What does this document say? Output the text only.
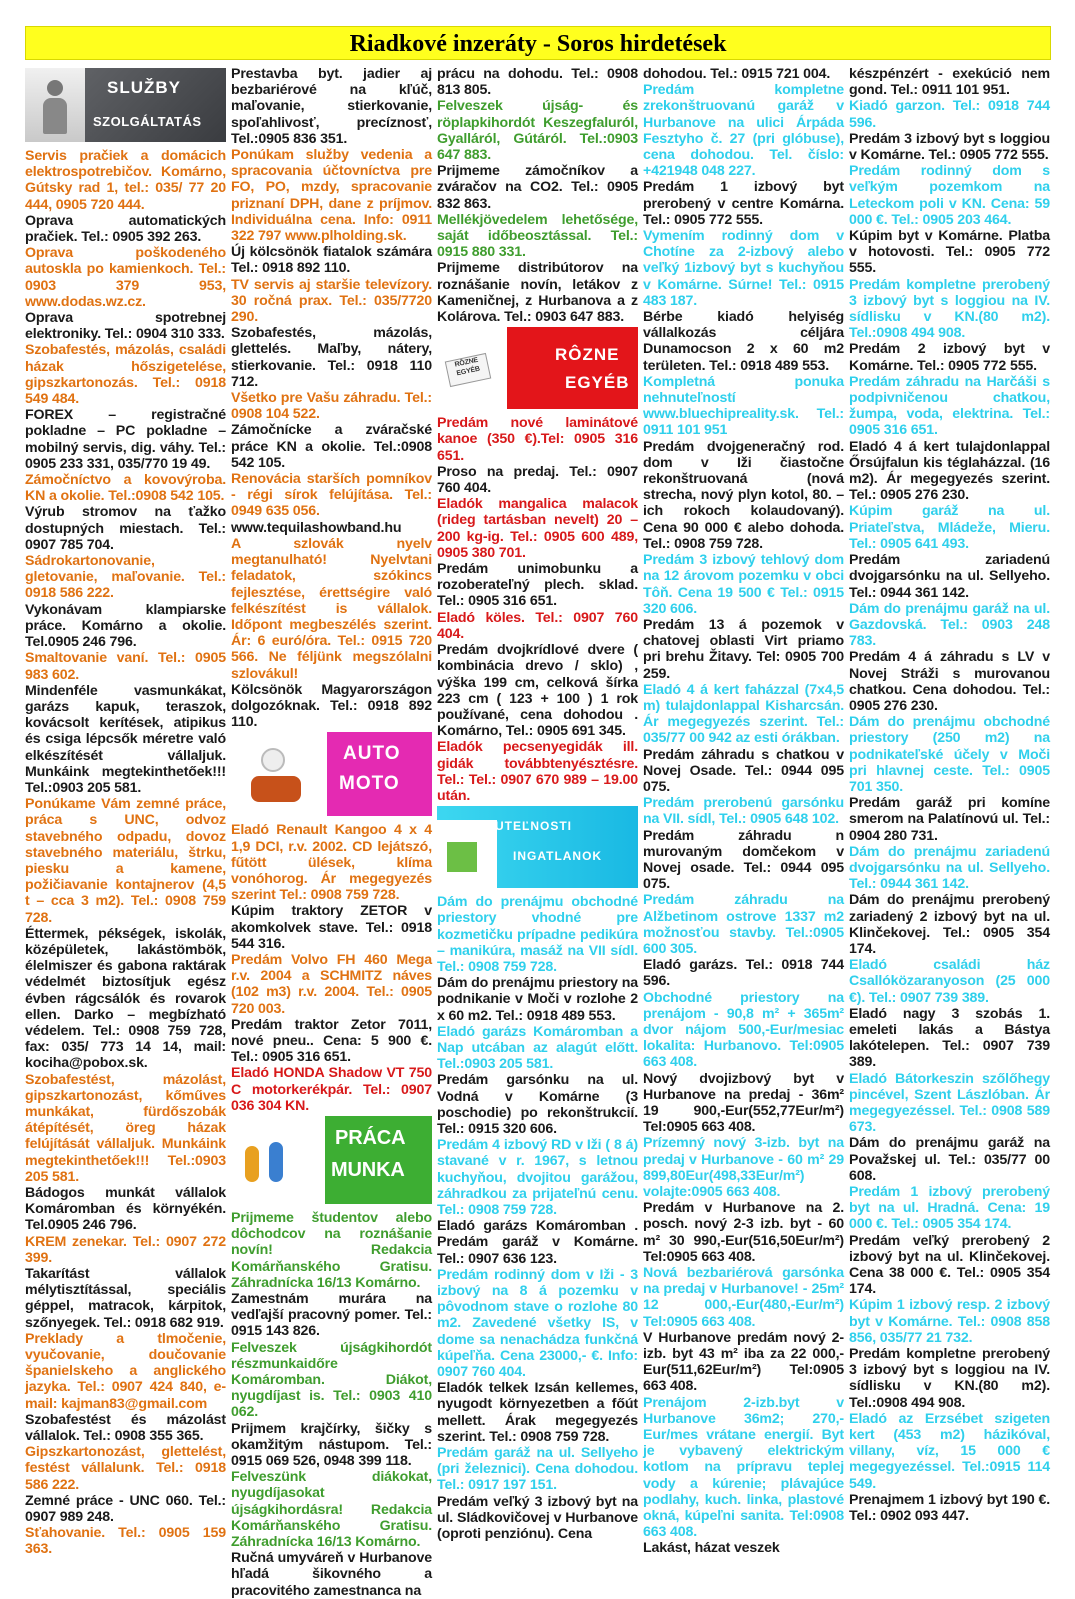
Riadkové inzeráty - Soros hirdetések
SLUŽBY
SZOLGÁLTATÁS

Servis pračiek a domácich elektrospotrebičov. Komárno, Gútsky rad 1, tel.: 035/ 77 20 444, 0905 720 444.

Oprava automatických pračiek. Tel.: 0905 392 263.

Oprava poškodeného autoskla po kamienkoch. Tel.: 0903 379 953, www.dodas.wz.cz.

Oprava spotrebnej elektroniky. Tel.: 0904 310 333.

Szobafestés, mázolás, családi házak hőszigetelése, gipszkartonozás. Tel.: 0918 549 484.

FOREX – registračné pokladne – PC pokladne – mobilný servis, dig. váhy. Tel.: 0905 233 331, 035/770 19 49.

Zámočníctvo a kovovýroba. KN a okolie. Tel.:0908 542 105.

Výrub stromov na ťažko dostupných miestach. Tel.: 0907 785 704.

Sádrokartonovanie, gletovanie, maľovanie. Tel.: 0918 586 222.

Vykonávam klampiarske práce. Komárno a okolie. Tel.0905 246 796.

Smaltovanie vaní. Tel.: 0905 983 602.

Mindenféle vasmunkákat, garázs kapuk, teraszok, kovácsolt kerítések, atipikus és csiga lépcsők méretre való elkészítését vállaljuk. Munkáink megtekinthetőek!!! Tel.:0903 205 581.

Ponúkame Vám zemné práce, práca s UNC, odvoz stavebného odpadu, dovoz stavebného materiálu, štrku, piesku a kamene, požičiavanie kontajnerov (4,5 t – cca 3 m2). Tel.: 0908 759 728.

Éttermek, pékségek, iskolák, középületek, lakástömbök, élelmiszer és gabona raktárak védelmét biztosítjuk egész évben rágcsálók és rovarok ellen. Darko – megbízható védelem. Tel.: 0908 759 728, fax: 035/ 773 14 14, mail: kociha@pobox.sk.

Szobafestést, mázolást, gipszkartonozást, kőműves munkákat, fürdőszobák átépítését, öreg házak felújítását vállaljuk. Munkáink megtekinthetőek!!! Tel.:0903 205 581.

Bádogos munkát vállalok Komáromban és környékén. Tel.0905 246 796.

KREM zenekar. Tel.: 0907 272 399.

Takarítást vállalok mélytisztítással, speciális géppel, matracok, kárpitok, szőnyegek. Tel.: 0918 682 919.

Preklady a tlmočenie, vyučovanie, doučovanie španielskeho a anglického jazyka. Tel.: 0907 424 840, e-mail: kajman83@gmail.com

Szobafestést és mázolást vállalok. Tel.: 0908 355 365.

Gipszkartonozást, glettelést, festést vállalunk. Tel.: 0918 586 222.

Zemné práce - UNC 060. Tel.: 0907 989 248.

Sťahovanie. Tel.: 0905 159 363.

Prestavba byt. jadier aj bezbariérové na kľúč, maľovanie, stierkovanie, spoľahlivosť, precíznosť, Tel.:0905 836 351.

Ponúkam služby vedenia a spracovania účtovníctva pre FO, PO, mzdy, spracovanie priznaní DPH, dane z príjmov. Individuálna cena. Info: 0911 322 797 www.plholding.sk.

Új kölcsönök fiatalok számára Tel.: 0918 892 110.

TV servis aj staršie televízory. 30 ročná prax. Tel.: 035/7720 290.

Szobafestés, mázolás, glettelés. Maľby, nátery, stierkovanie. Tel.: 0918 110 712.

Všetko pre Vašu záhradu. Tel.: 0908 104 522.

Zámočnícke a zváračské práce KN a okolie. Tel.:0908 542 105.

Renovácia starších pomníkov - régi sírok felújítása. Tel.: 0949 635 056.

www.tequilashowband.hu

A szlovák nyelv megtanulható! Nyelvtani feladatok, szókincs fejlesztése, érettségire való felkészítést is vállalok. Időpont megbeszélés szerint. Ár: 6 euró/óra. Tel.: 0915 720 566. Ne féljünk megszólalni szlovákul!

Kölcsönök Magyarországon dolgozóknak. Tel.: 0918 892 110.

AUTO
MOTO

Eladó Renault Kangoo 4 x 4 1,9 DCI, r.v. 2002. CD lejátszó, fűtött ülések, klíma vonóhorog. Ár megegyezés szerint Tel.: 0908 759 728.

Kúpim traktory ZETOR v akomkolvek stave. Tel.: 0918 544 316.

Predám Volvo FH 460 Mega r.v. 2004 a SCHMITZ náves (102 m3) r.v. 2004. Tel.: 0905 720 003.

Predám traktor Zetor 7011, nové pneu.. Cena: 5 900 €. Tel.: 0905 316 651.

Eladó HONDA Shadow VT 750 C motorkerékpár. Tel.: 0907 036 304 KN.

PRÁCA
MUNKA

Prijmeme študentov alebo dôchodcov na roznášanie novín! Redakcia Komárňanského Gratisu. Záhradnícka 16/13 Komárno.

Zamestnám murára na vedľajší pracovný pomer. Tel.: 0915 143 826.

Felveszek újságkihordót részmunkaidőre Komáromban. Diákot, nyugdíjast is. Tel.: 0903 410 062.

Prijmem krajčírky, šičky s okamžitým nástupom. Tel.: 0915 069 526, 0948 399 118.

Felveszünk diákokat, nyugdíjasokat újságkihordásra! Redakcia Komárňanského Gratisu. Záhradnícka 16/13 Komárno.

Ručná umyváreň v Hurbanove hľadá šikovného a pracovitého zamestnanca na

prácu na dohodu. Tel.: 0908 813 805.

Felveszek újság- és röplapkihordót Keszegfaluról, Gyalláról, Gútáról. Tel.:0903 647 883.

Prijmeme zámočníkov a zváračov na CO2. Tel.: 0905 832 863.

Mellékjövedelem lehetősége, saját időbeosztással. Tel.: 0915 880 331.

Prijmeme distribútorov na roznášanie novín, letákov z Kameničnej, z Hurbanova a z Kolárova. Tel.: 0903 647 883.

RÔZNE EGYÉB
RÔZNE
EGYÉB

Predám nové laminátové kanoe (350 €).Tel: 0905 316 651.

Proso na predaj. Tel.: 0907 760 404.

Eladók mangalica malacok (rideg tartásban nevelt) 20 – 200 kg-ig. Tel.: 0905 600 489, 0905 380 701.

Predám unimobunku a rozoberateľný plech. sklad. Tel.: 0905 316 651.

Eladó köles. Tel.: 0907 760 404.

Predám dvojkrídlové dvere ( kombinácia drevo / sklo) , výška 199 cm, celková šírka 223 cm ( 123 + 100 ) 1 rok používané, cena dohodou . Komárno, Tel.: 0905 691 345.

Eladók pecsenyegidák ill. gidák továbbtenyésztésre. Tel.: Tel.: 0907 670 989 – 19.00 után.

NEHNUTEĽNOSTI
INGATLANOK

Dám do prenájmu obchodné priestory vhodné pre kozmetičku prípadne pedikúra – manikúra, masáž na VII sídl. Tel.: 0908 759 728.

Dám do prenájmu priestory na podnikanie v Moči v rozlohe 2 x 60 m2. Tel.: 0918 489 553.

Eladó garázs Komáromban a Nap utcában az alagút előtt. Tel.:0903 205 581.

Predám garsónku na ul. Vodná v Komárne (3 poschodie) po rekonštrukcií. Tel.: 0915 320 606.

Predám 4 izbový RD v Iži ( 8 á) stavané v r. 1967, s letnou kuchyňou, dvojitou garážou, záhradkou za prijateľnú cenu. Tel.: 0908 759 728.

Eladó garázs Komáromban . Predám garáž v Komárne. Tel.: 0907 636 123.

Predám rodinný dom v Iži - 3 izbový na 8 á pozemku v pôvodnom stave o rozlohe 80 m2. Zavedené všetky IS, v dome sa nenachádza funkčná kúpeľňa. Cena 23000,- €. Info: 0907 760 404.

Eladók telkek Izsán kellemes, nyugodt környezetben a főút mellett. Árak megegyezés szerint. Tel.: 0908 759 728.

Predám garáž na ul. Sellyeho (pri železnici). Cena dohodou. Tel.: 0917 197 151.

Predám veľký 3 izbový byt na ul. Sládkovičovej v Hurbanove (oproti penziónu). Cena

dohodou. Tel.: 0915 721 004.

Predám kompletne zrekonštruovanú garáž v Hurbanove na ulici Árpáda Fesztyho č. 27 (pri glóbuse), cena dohodou. Tel. číslo: +421948 048 227.

Predám 1 izbový byt prerobený v centre Komárna. Tel.: 0905 772 555.

Vymením rodinný dom v Chotíne za 2-izbový alebo veľký 1izbový byt s kuchyňou v Komárne. Súrne! Tel.: 0915 483 187.

Bérbe kiadó helyiség vállalkozás céljára Dunamocson 2 x 60 m2 területen. Tel.: 0918 489 553.

Kompletná ponuka nehnuteľností www.bluechipreality.sk. Tel.: 0911 101 951

Predám dvojgeneračný rod. dom v Iži čiastočne rekonštruovaná (nová strecha, nový plyn kotol, 80. –ich rokoch kolaudovaný). Cena 90 000 € alebo dohoda. Tel.: 0908 759 728.

Predám 3 izbový tehlový dom na 12 árovom pozemku v obci Tôň. Cena 19 500 € Tel.: 0915 320 606.

Predám 13 á pozemok v chatovej oblasti Virt priamo pri brehu Žitavy. Tel: 0905 700 259.

Eladó 4 á kert faházzal (7x4,5 m) tulajdonlappal Kisharcsán. Ár megegyezés szerint. Tel.: 035/77 00 942 az esti órákban.

Predám záhradu s chatkou v Novej Osade. Tel.: 0944 095 075.

Predám prerobenú garsónku na VII. sídl, Tel.: 0905 648 102.

Predám záhradu n murovaným domčekom v Novej osade. Tel.: 0944 095 075.

Predám záhradu na Alžbetinom ostrove 1337 m2 možnosťou stavby. Tel.:0905 600 305.

Eladó garázs. Tel.: 0918 744 596.

Obchodné priestory na prenájom - 90,8 m² + 365m² dvor nájom 500,-Eur/mesiac lokalita: Hurbanovo. Tel:0905 663 408.

Nový dvojizbový byt v Hurbanove na predaj - 36m² 19 900,-Eur(552,77Eur/m²) Tel:0905 663 408.

Prízemný nový 3-izb. byt na predaj v Hurbanove - 60 m² 29 899,80Eur(498,33Eur/m²) volajte:0905 663 408.

Predám v Hurbanove na 2. posch. nový 2-3 izb. byt - 60 m² 30 990,-Eur(516,50Eur/m²) Tel:0905 663 408.

Nová bezbariérová garsónka na predaj v Hurbanove! - 25m² 12 000,-Eur(480,-Eur/m²) Tel:0905 663 408.

V Hurbanove predám nový 2-izb. byt 43 m² iba za 22 000,-Eur(511,62Eur/m²) Tel:0905 663 408.

Prenájom 2-izb.byt v Hurbanove 36m2; 270,-Eur/mes vrátane energií. Byt je vybavený elektrickým kotlom na prípravu teplej vody a kúrenie; plávajúce podlahy, kuch. linka, plastové okná, kúpeľni sanita. Tel:0908 663 408.

Lakást, házat veszek

készpénzért - exekúció nem gond. Tel.: 0911 101 951.

Kiadó garzon. Tel.: 0918 744 596.

Predám 3 izbový byt s loggiou v Komárne. Tel.: 0905 772 555.

Predám rodinný dom s veľkým pozemkom na Leteckom poli v KN. Cena: 59 000 €. Tel.: 0905 203 464.

Kúpim byt v Komárne. Platba v hotovosti. Tel.: 0905 772 555.

Predám kompletne prerobený 3 izbový byt s loggiou na IV. sídlisku v KN.(80 m2). Tel.:0908 494 908.

Predám 2 izbový byt v Komárne. Tel.: 0905 772 555.

Predám záhradu na Harčáši s podpivničenou chatkou, žumpa, voda, elektrina. Tel.: 0905 316 651.

Eladó 4 á kert tulajdonlappal Őrsújfalun kis téglaházzal. (16 m2). Ár megegyezés szerint. Tel.: 0905 276 230.

Kúpim garáž na ul. Priateľstva, Mládeže, Mieru. Tel.: 0905 641 493.

Predám zariadenú dvojgarsónku na ul. Sellyeho. Tel.: 0944 361 142.

Dám do prenájmu garáž na ul. Gazdovská. Tel.: 0903 248 783.

Predám 4 á záhradu s LV v Novej Stráži s murovanou chatkou. Cena dohodou. Tel.: 0905 276 230.

Dám do prenájmu obchodné priestory (250 m2) na podnikateľské účely v Moči pri hlavnej ceste. Tel.: 0905 701 350.

Predám garáž pri komíne smerom na Palatínovú ul. Tel.: 0904 280 731.

Dám do prenájmu zariadenú dvojgarsónku na ul. Sellyeho. Tel.: 0944 361 142.

Dám do prenájmu prerobený zariadený 2 izbový byt na ul. Klinčekovej. Tel.: 0905 354 174.

Eladó családi ház Csallóközaranyoson (25 000 €). Tel.: 0907 739 389.

Eladó nagy 3 szobás 1. emeleti lakás a Bástya lakótelepen. Tel.: 0907 739 389.

Eladó Bátorkeszin szőlőhegy pincével, Szent Lászlóban. Ár megegyezéssel. Tel.: 0908 589 673.

Dám do prenájmu garáž na Považskej ul. Tel.: 035/77 00 608.

Predám 1 izbový prerobený byt na ul. Hradná. Cena: 19 000 €. Tel.: 0905 354 174.

Predám veľký prerobený 2 izbový byt na ul. Klinčekovej. Cena 38 000 €. Tel.: 0905 354 174.

Kúpim 1 izbový resp. 2 izbový byt v Komárne. Tel.: 0908 858 856, 035/77 21 732.

Predám kompletne prerobený 3 izbový byt s loggiou na IV. sídlisku v KN.(80 m2). Tel.:0908 494 908.

Eladó az Erzsébet szigeten kert (453 m2) házikóval, villany, víz, 15 000 € megegyezéssel. Tel.:0915 114 549.

Prenajmem 1 izbový byt 190 €. Tel.: 0902 093 447.
